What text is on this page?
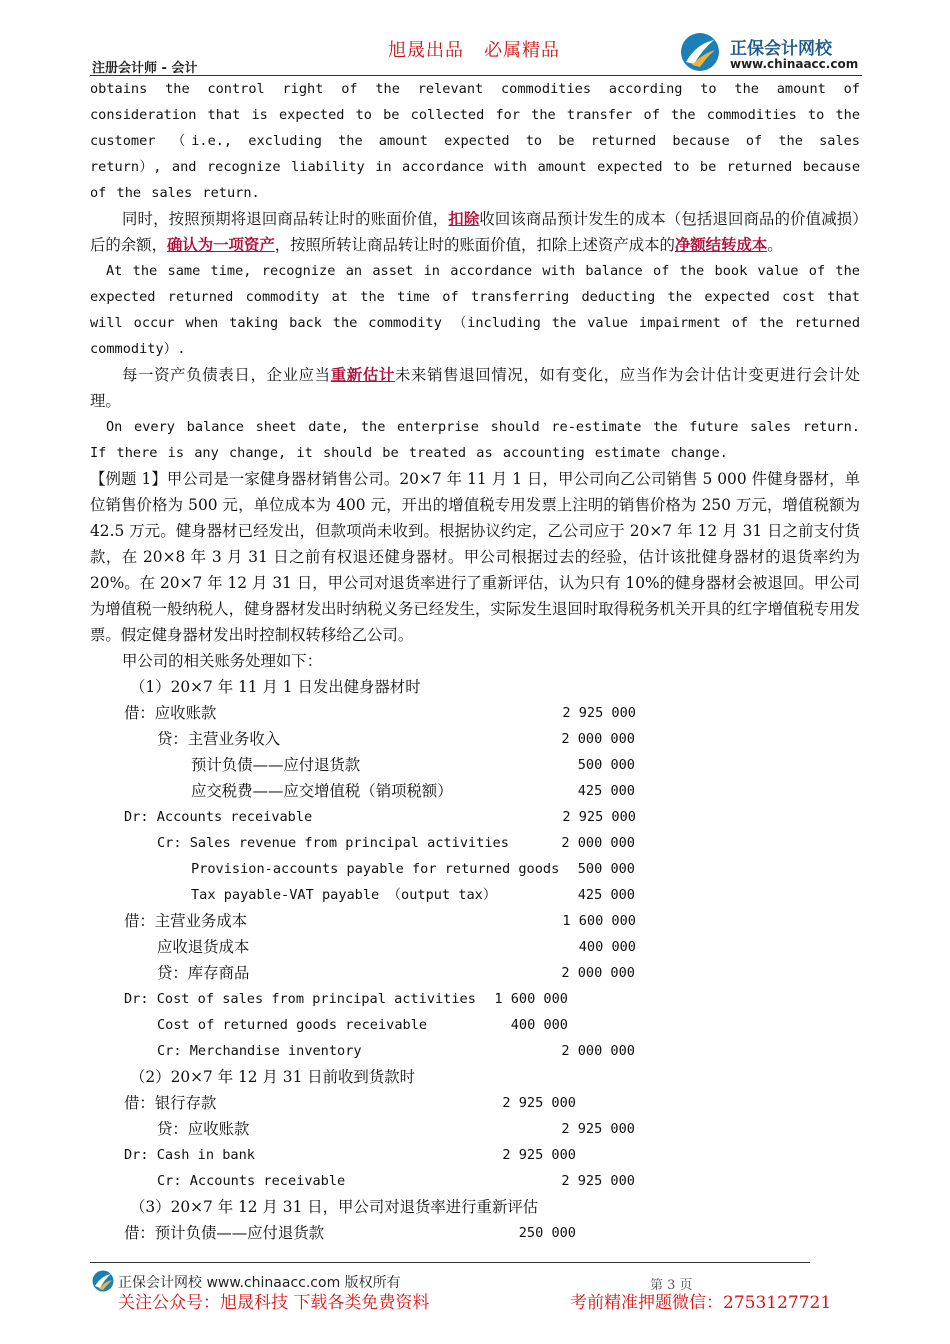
注册会计师 - 会计
旭晟出品 必属精品	正保会计网校
www.chinaacc.com

obtains the control right of the relevant commodities according to the amount of consideration that is expected to be collected for the transfer of the commodities to the customer （i.e., excluding the amount expected to be returned because of the sales return）, and recognize liability in accordance with amount expected to be returned because of the sales return.

同时，按照预期将退回商品转让时的账面价值，扣除收回该商品预计发生的成本（包括退回商品的价值减损）后的余额，确认为一项资产，按照所转让商品转让时的账面价值，扣除上述资产成本的净额结转成本。

At the same time, recognize an asset in accordance with balance of the book value of the expected returned commodity at the time of transferring deducting the expected cost that will occur when taking back the commodity （including the value impairment of the returned commodity）.

每一资产负债表日，企业应当重新估计未来销售退回情况，如有变化，应当作为会计估计变更进行会计处理。

On every balance sheet date, the enterprise should re-estimate the future sales return. If there is any change, it should be treated as accounting estimate change.

【例题 1】甲公司是一家健身器材销售公司。20×7 年 11 月 1 日，甲公司向乙公司销售 5 000 件健身器材，单位销售价格为 500 元，单位成本为 400 元，开出的增值税专用发票上注明的销售价格为 250 万元，增值税额为 42.5 万元。健身器材已经发出，但款项尚未收到。根据协议约定，乙公司应于 20×7 年 12 月 31 日之前支付货款，在 20×8 年 3 月 31 日之前有权退还健身器材。甲公司根据过去的经验，估计该批健身器材的退货率约为 20%。在 20×7 年 12 月 31 日，甲公司对退货率进行了重新评估，认为只有 10%的健身器材会被退回。甲公司为增值税一般纳税人，健身器材发出时纳税义务已经发生，实际发生退回时取得税务机关开具的红字增值税专用发票。假定健身器材发出时控制权转移给乙公司。

甲公司的相关账务处理如下：

（1）20×7 年 11 月 1 日发出健身器材时
借：应收账款	2 925 000
贷：主营业务收入	2 000 000
预计负债——应付退货款	500 000
应交税费——应交增值税（销项税额）	425 000
Dr: Accounts receivable	2 925 000
Cr: Sales revenue from principal activities	2 000 000
Provision-accounts payable for returned goods 500 000
Tax payable-VAT payable （output tax）	425 000
借：主营业务成本	1 600 000
应收退货成本	400 000
贷：库存商品	2 000 000
Dr: Cost of sales from principal activities 1 600 000
Cost of returned goods receivable	400 000
Cr: Merchandise inventory	2 000 000
（2）20×7 年 12 月 31 日前收到货款时
借：银行存款	2 925 000
贷：应收账款	2 925 000
Dr: Cash in bank	2 925 000
Cr: Accounts receivable	2 925 000
（3）20×7 年 12 月 31 日，甲公司对退货率进行重新评估
借：预计负债——应付退货款	250 000
正保会计网校 www.chinaacc.com 版权所有	第 3 页
关注公众号：旭晟科技 下载各类免费资料	考前精准押题微信：2753127721
